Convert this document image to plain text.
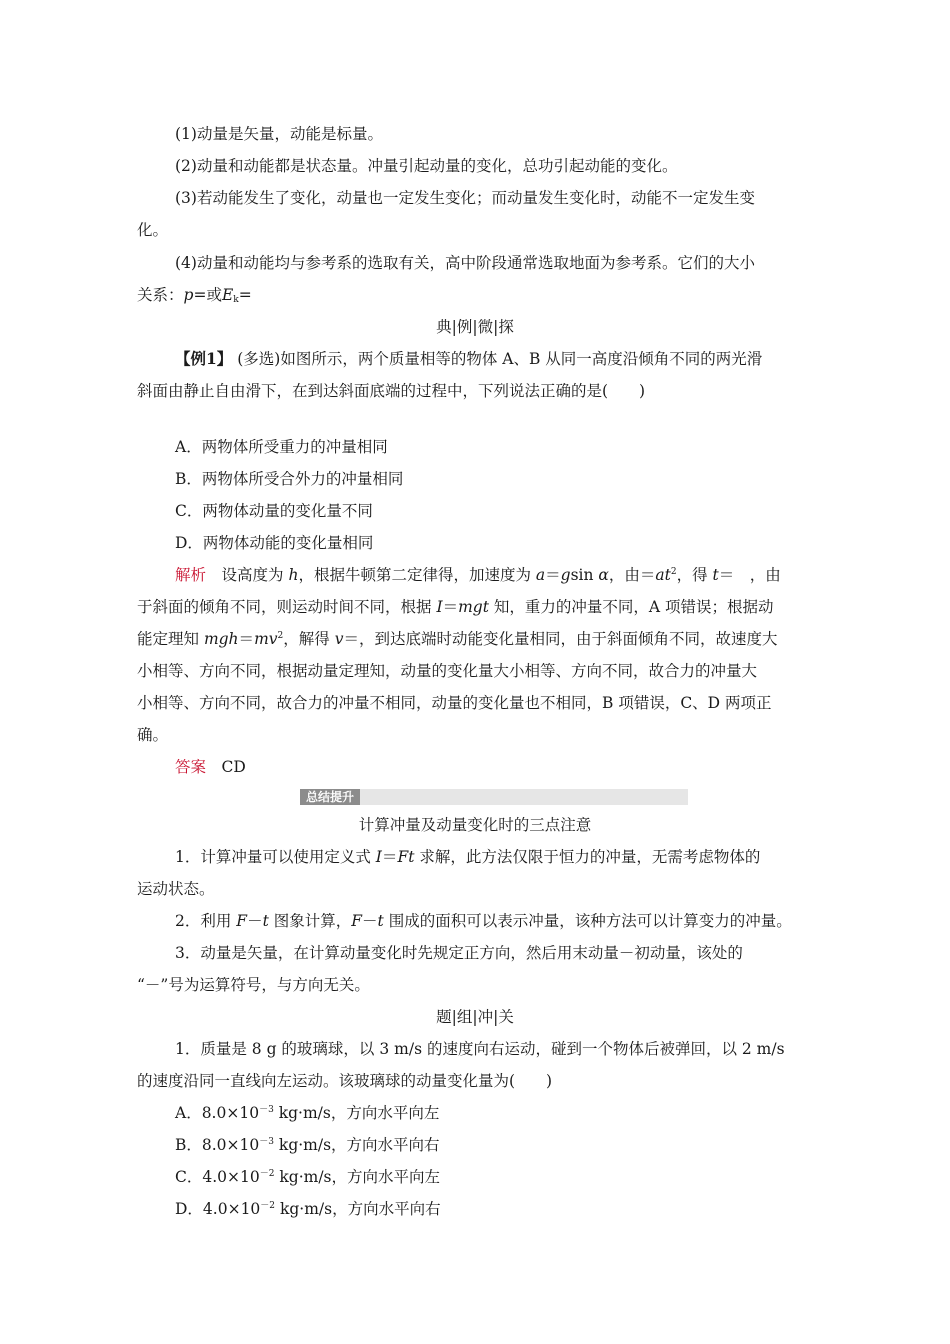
(1)动量是矢量，动能是标量。
(2)动量和动能都是状态量。冲量引起动量的变化，总功引起动能的变化。
(3)若动能发生了变化，动量也一定发生变化；而动量发生变化时，动能不一定发生变
化。
(4)动量和动能均与参考系的选取有关，高中阶段通常选取地面为参考系。它们的大小
关系：p=或$E_k=$
典|例|微|探
【例1】 (多选)如图所示，两个质量相等的物体 A、B 从同一高度沿倾角不同的两光滑
斜面由静止自由滑下，在到达斜面底端的过程中，下列说法正确的是(　　)
A．两物体所受重力的冲量相同
B．两物体所受合外力的冲量相同
C．两物体动量的变化量不同
D．两物体动能的变化量相同
解析　设高度为 h，根据牛顿第二定律得，加速度为 a＝gsin α，由$=at^2$，得 t＝　，由
于斜面的倾角不同，则运动时间不同，根据 I＝mgt 知，重力的冲量不同，A 项错误；根据动
能定理知 $mgh=mv^2$，解得 v＝，到达底端时动能变化量相同，由于斜面倾角不同，故速度大
小相等、方向不同，根据动量定理知，动量的变化量大小相等、方向不同，故合力的冲量大
小相等、方向不同，故合力的冲量不相同，动量的变化量也不相同，B 项错误，C、D 两项正
确。
答案　CD
总结提升
计算冲量及动量变化时的三点注意
1．计算冲量可以使用定义式 I＝Ft 求解，此方法仅限于恒力的冲量，无需考虑物体的
运动状态。
2．利用 F－t 图象计算，F－t 围成的面积可以表示冲量，该种方法可以计算变力的冲量。
3．动量是矢量，在计算动量变化时先规定正方向，然后用末动量－初动量，该处的
“－”号为运算符号，与方向无关。
题|组|冲|关
1．质量是 8 g 的玻璃球，以 3 m/s 的速度向右运动，碰到一个物体后被弹回，以 2 m/s
的速度沿同一直线向左运动。该玻璃球的动量变化量为(　　)
A．$8.0\times 10^{-3}$ kg·m/s，方向水平向左
B．$8.0\times 10^{-3}$ kg·m/s，方向水平向右
C．$4.0\times 10^{-2}$ kg·m/s，方向水平向左
D．$4.0\times 10^{-2}$ kg·m/s，方向水平向右
